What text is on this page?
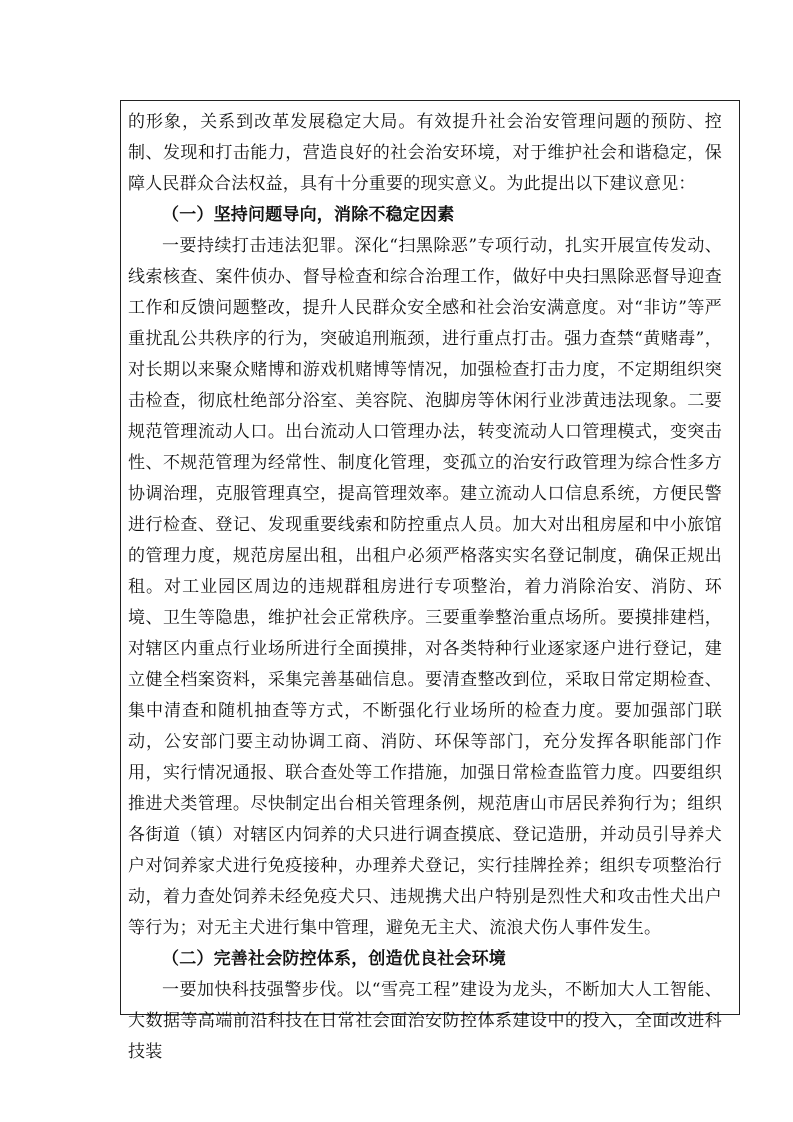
的形象，关系到改革发展稳定大局。有效提升社会治安管理问题的预防、控制、发现和打击能力，营造良好的社会治安环境，对于维护社会和谐稳定，保障人民群众合法权益，具有十分重要的现实意义。为此提出以下建议意见：

（一）坚持问题导向，消除不稳定因素

一要持续打击违法犯罪。深化“扫黑除恶”专项行动，扎实开展宣传发动、线索核查、案件侦办、督导检查和综合治理工作，做好中央扫黑除恶督导迎查工作和反馈问题整改，提升人民群众安全感和社会治安满意度。对“非访”等严重扰乱公共秩序的行为，突破追刑瓶颈，进行重点打击。强力查禁“黄赌毒”，对长期以来聚众赌博和游戏机赌博等情况，加强检查打击力度，不定期组织突击检查，彻底杜绝部分浴室、美容院、泡脚房等休闲行业涉黄违法现象。二要规范管理流动人口。出台流动人口管理办法，转变流动人口管理模式，变突击性、不规范管理为经常性、制度化管理，变孤立的治安行政管理为综合性多方协调治理，克服管理真空，提高管理效率。建立流动人口信息系统，方便民警进行检查、登记、发现重要线索和防控重点人员。加大对出租房屋和中小旅馆的管理力度，规范房屋出租，出租户必须严格落实实名登记制度，确保正规出租。对工业园区周边的违规群租房进行专项整治，着力消除治安、消防、环境、卫生等隐患，维护社会正常秩序。三要重拳整治重点场所。要摸排建档，对辖区内重点行业场所进行全面摸排，对各类特种行业逐家逐户进行登记，建立健全档案资料，采集完善基础信息。要清查整改到位，采取日常定期检查、集中清查和随机抽查等方式，不断强化行业场所的检查力度。要加强部门联动，公安部门要主动协调工商、消防、环保等部门，充分发挥各职能部门作用，实行情况通报、联合查处等工作措施，加强日常检查监管力度。四要组织推进犬类管理。尽快制定出台相关管理条例，规范唐山市居民养狗行为；组织各街道（镇）对辖区内饲养的犬只进行调查摸底、登记造册，并动员引导养犬户对饲养家犬进行免疫接种，办理养犬登记，实行挂牌拴养；组织专项整治行动，着力查处饲养未经免疫犬只、违规携犬出户特别是烈性犬和攻击性犬出户等行为；对无主犬进行集中管理，避免无主犬、流浪犬伤人事件发生。

（二）完善社会防控体系，创造优良社会环境

一要加快科技强警步伐。以“雪亮工程”建设为龙头，不断加大人工智能、大数据等高端前沿科技在日常社会面治安防控体系建设中的投入，全面改进科技装
